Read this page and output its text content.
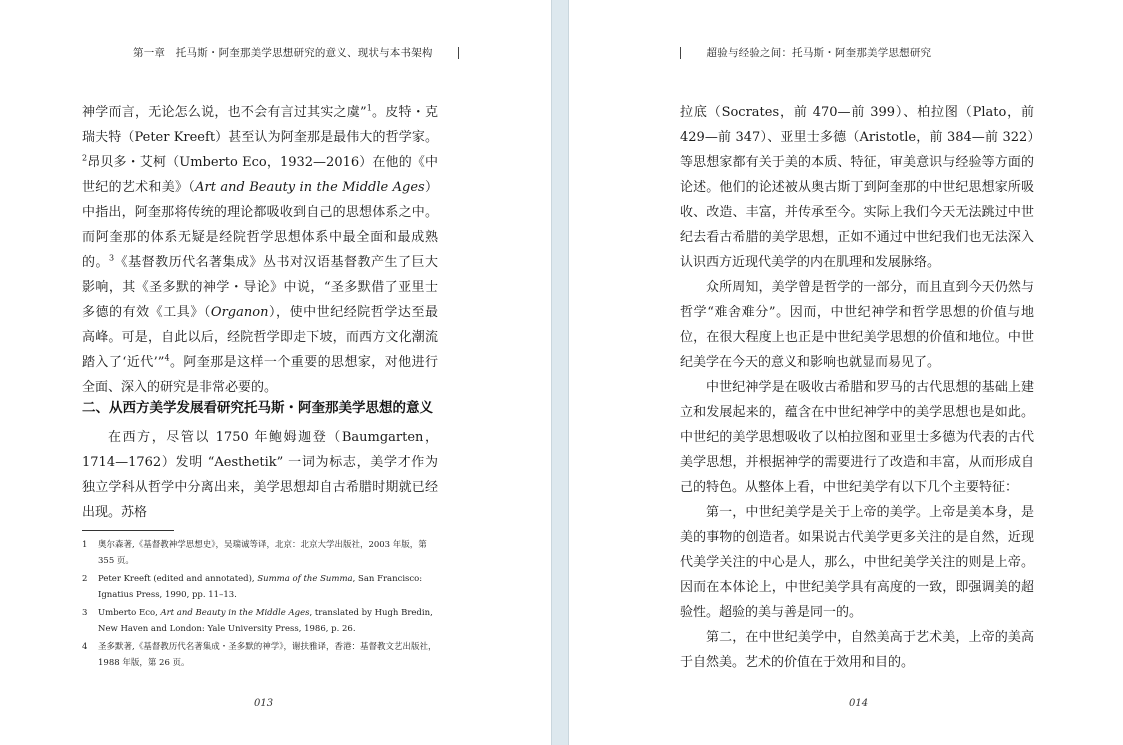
第一章　托马斯・阿奎那美学思想研究的意义、现状与本书架构

神学而言，无论怎么说，也不会有言过其实之虞”$^1$。皮特・克瑞夫特（Peter Kreeft）甚至认为阿奎那是最伟大的哲学家。$^2$昂贝多・艾柯（Umberto Eco，1932—2016）在他的《中世纪的艺术和美》（Art and Beauty in the Middle Ages）中指出，阿奎那将传统的理论都吸收到自己的思想体系之中。而阿奎那的体系无疑是经院哲学思想体系中最全面和最成熟的。$^3$《基督教历代名著集成》丛书对汉语基督教产生了巨大影响，其《圣多默的神学・导论》中说，“圣多默借了亚里士多德的有效《工具》（Organon），使中世纪经院哲学达至最高峰。可是，自此以后，经院哲学即走下坡，而西方文化潮流踏入了‘近代’”$^4$。阿奎那是这样一个重要的思想家，对他进行全面、深入的研究是非常必要的。

二、从西方美学发展看研究托马斯・阿奎那美学思想的意义

在西方，尽管以 1750 年鲍姆迦登（Baumgarten，1714—1762）发明 “Aesthetik” 一词为标志，美学才作为独立学科从哲学中分离出来，美学思想却自古希腊时期就已经出现。苏格

1 奥尔森著,《基督教神学思想史》，吴瑞诚等译，北京：北京大学出版社，2003 年版，第 355 页。
2 Peter Kreeft (edited and annotated), Summa of the Summa, San Francisco: Ignatius Press, 1990, pp. 11–13.
3 Umberto Eco, Art and Beauty in the Middle Ages, translated by Hugh Bredin, New Haven and London: Yale University Press, 1986, p. 26.
4 圣多默著,《基督教历代名著集成・圣多默的神学》，谢扶雅译，香港：基督教文艺出版社，1988 年版，第 26 页。
013
超验与经验之间：托马斯・阿奎那美学思想研究

拉底（Socrates，前 470—前 399）、柏拉图（Plato，前 429—前 347）、亚里士多德（Aristotle，前 384—前 322）等思想家都有关于美的本质、特征，审美意识与经验等方面的论述。他们的论述被从奥古斯丁到阿奎那的中世纪思想家所吸收、改造、丰富，并传承至今。实际上我们今天无法跳过中世纪去看古希腊的美学思想，正如不通过中世纪我们也无法深入认识西方近现代美学的内在肌理和发展脉络。

众所周知，美学曾是哲学的一部分，而且直到今天仍然与哲学“难舍难分”。因而，中世纪神学和哲学思想的价值与地位，在很大程度上也正是中世纪美学思想的价值和地位。中世纪美学在今天的意义和影响也就显而易见了。

中世纪神学是在吸收古希腊和罗马的古代思想的基础上建立和发展起来的，蕴含在中世纪神学中的美学思想也是如此。中世纪的美学思想吸收了以柏拉图和亚里士多德为代表的古代美学思想，并根据神学的需要进行了改造和丰富，从而形成自己的特色。从整体上看，中世纪美学有以下几个主要特征：

第一，中世纪美学是关于上帝的美学。上帝是美本身，是美的事物的创造者。如果说古代美学更多关注的是自然，近现代美学关注的中心是人，那么，中世纪美学关注的则是上帝。因而在本体论上，中世纪美学具有高度的一致，即强调美的超验性。超验的美与善是同一的。

第二，在中世纪美学中，自然美高于艺术美，上帝的美高于自然美。艺术的价值在于效用和目的。

014
